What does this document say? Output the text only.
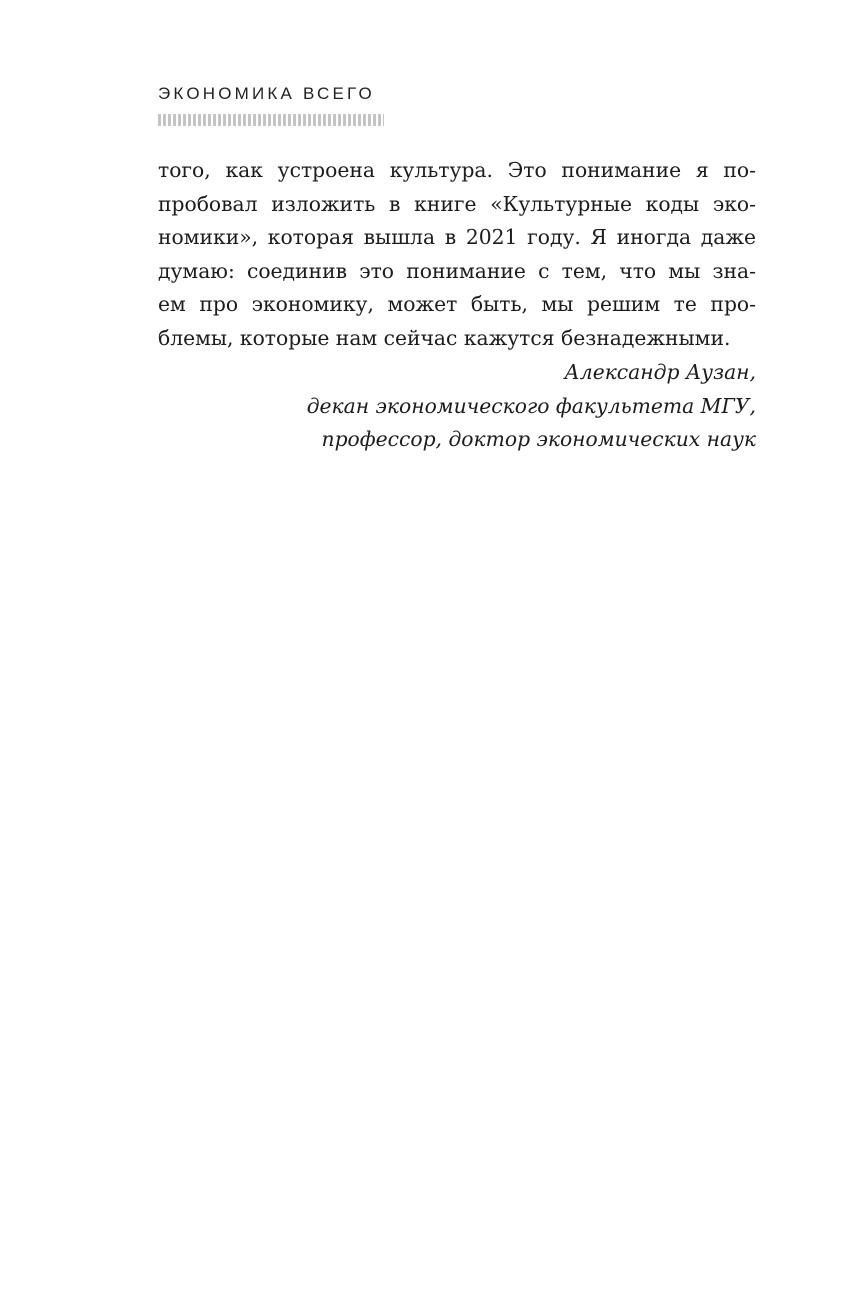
ЭКОНОМИКА ВСЕГО
того, как устроена культура. Это понимание я по-
пробовал изложить в книге «Культурные коды эко-
номики», которая вышла в 2021 году. Я иногда даже
думаю: соединив это понимание с тем, что мы зна-
ем про экономику, может быть, мы решим те про-
блемы, которые нам сейчас кажутся безнадежными.
Александр Аузан,
декан экономического факультета МГУ,
профессор, доктор экономических наук
